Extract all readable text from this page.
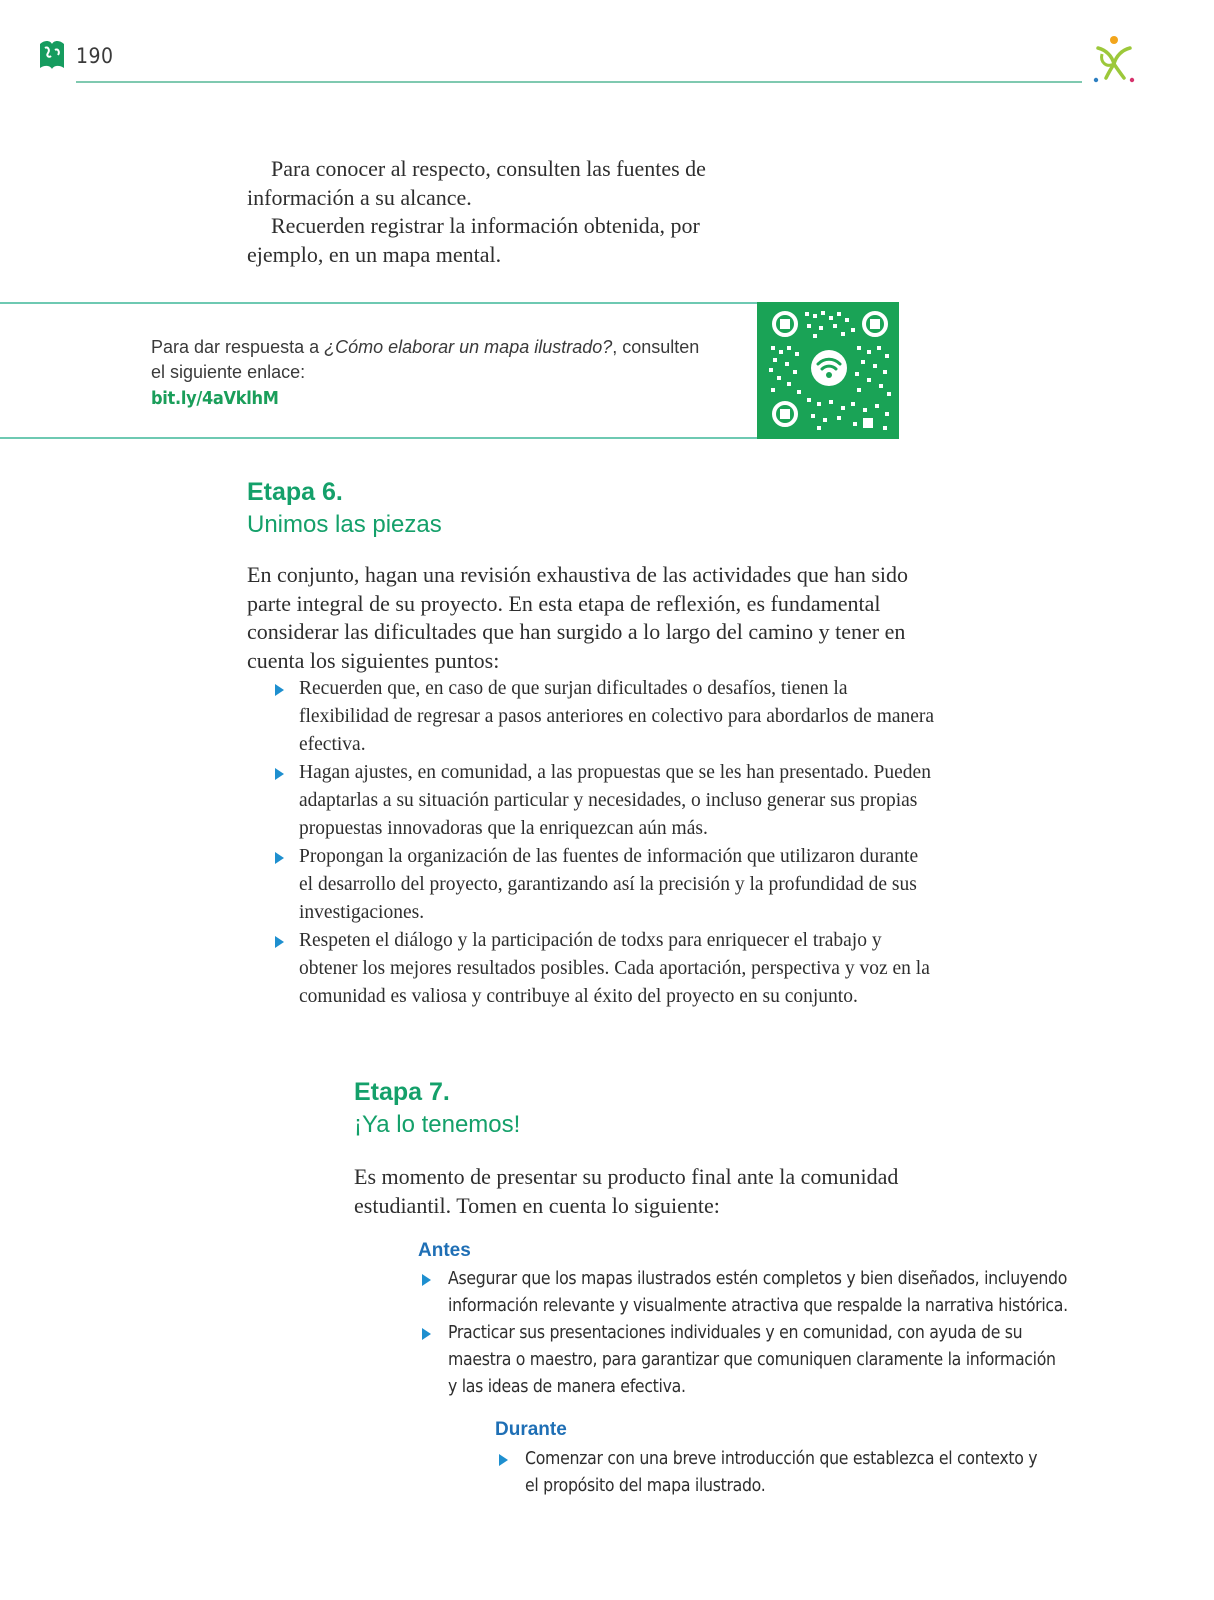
190

Para conocer al respecto, consulten las fuentes de información a su alcance.

Recuerden registrar la información obtenida, por ejemplo, en un mapa mental.

Para dar respuesta a ¿Cómo elaborar un mapa ilustrado?, consulten el siguiente enlace:
bit.ly/4aVklhM

Etapa 6.

Unimos las piezas

En conjunto, hagan una revisión exhaustiva de las actividades que han sido parte integral de su proyecto. En esta etapa de reflexión, es fundamental considerar las dificultades que han surgido a lo largo del camino y tener en cuenta los siguientes puntos:

Recuerden que, en caso de que surjan dificultades o desafíos, tienen la flexibilidad de regresar a pasos anteriores en colectivo para abordarlos de manera efectiva.
Hagan ajustes, en comunidad, a las propuestas que se les han presentado. Pueden adaptarlas a su situación particular y necesidades, o incluso generar sus propias propuestas innovadoras que la enriquezcan aún más.
Propongan la organización de las fuentes de información que utilizaron durante el desarrollo del proyecto, garantizando así la precisión y la profundidad de sus investigaciones.
Respeten el diálogo y la participación de todxs para enriquecer el trabajo y obtener los mejores resultados posibles. Cada aportación, perspectiva y voz en la comunidad es valiosa y contribuye al éxito del proyecto en su conjunto.

Etapa 7.

¡Ya lo tenemos!

Es momento de presentar su producto final ante la comunidad estudiantil. Tomen en cuenta lo siguiente:

Antes

Asegurar que los mapas ilustrados estén completos y bien diseñados, incluyendo información relevante y visualmente atractiva que respalde la narrativa histórica.
Practicar sus presentaciones individuales y en comunidad, con ayuda de su maestra o maestro, para garantizar que comuniquen claramente la información y las ideas de manera efectiva.

Durante

Comenzar con una breve introducción que establezca el contexto y el propósito del mapa ilustrado.
